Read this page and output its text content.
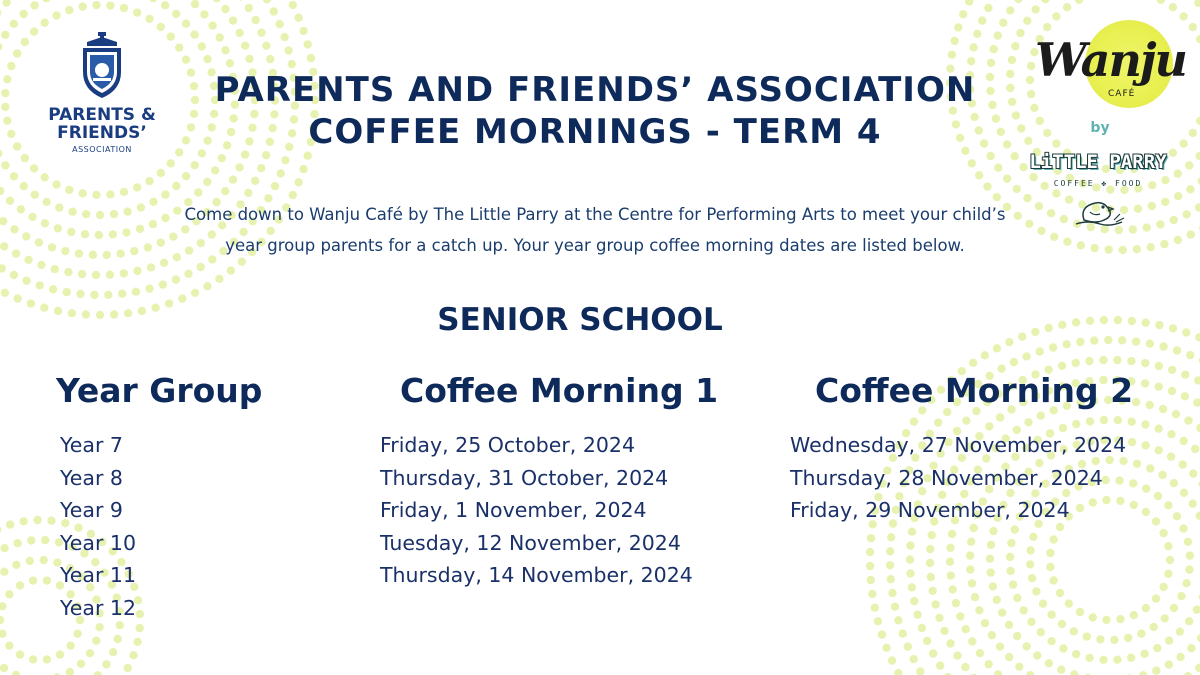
PARENTS &
FRIENDS’
ASSOCIATION
PARENTS AND FRIENDS’ ASSOCIATION
COFFEE MORNINGS - TERM 4
Come down to Wanju Café by The Little Parry at the Centre for Performing Arts to meet your child’s
year group parents for a catch up. Your year group coffee morning dates are listed below.
SENIOR SCHOOL
Year Group	Coffee Morning 1	Coffee Morning 2
Year 7
Year 8
Year 9
Year 10
Year 11
Year 12
Friday, 25 October, 2024
Thursday, 31 October, 2024
Friday, 1 November, 2024
Tuesday, 12 November, 2024
Thursday, 14 November, 2024
Wednesday, 27 November, 2024
Thursday, 28 November, 2024
Friday, 29 November, 2024
Wanju
CAFÉ
by
LiTTLE PARRY
COFFEE ✤ FOOD
